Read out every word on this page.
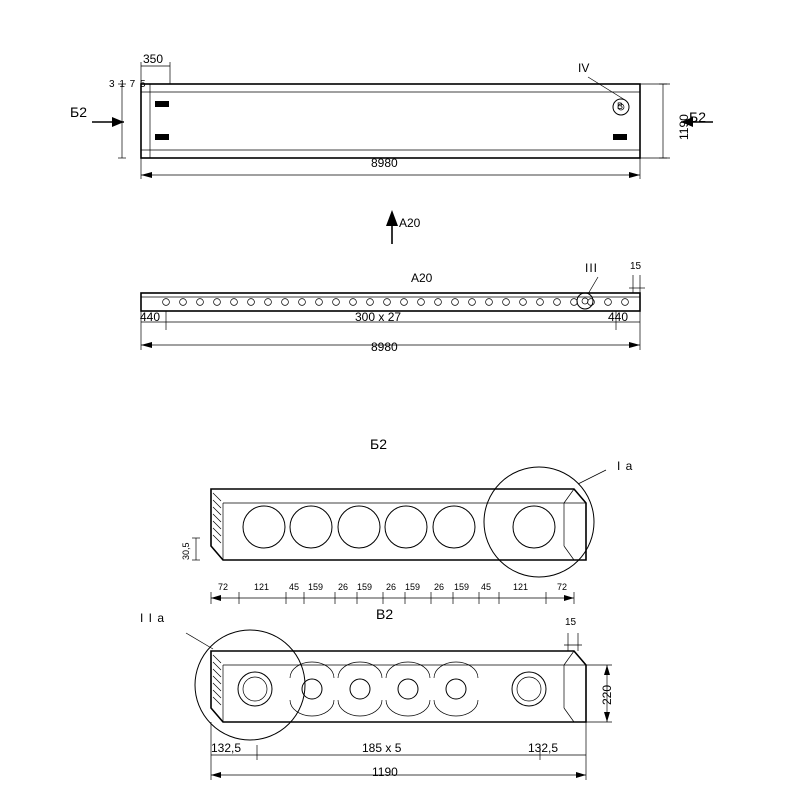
350
3 1 7 5
Б2	Б2
IV
B
1190
8980
A20
A20
III	15
440	300 x 27	440
8980
Б2
I a
30,5
72	121 45 159 26 159 26 159 26 159 45 121	72
B2
I I a	15
220
132,5	185 x 5	132,5
1190
